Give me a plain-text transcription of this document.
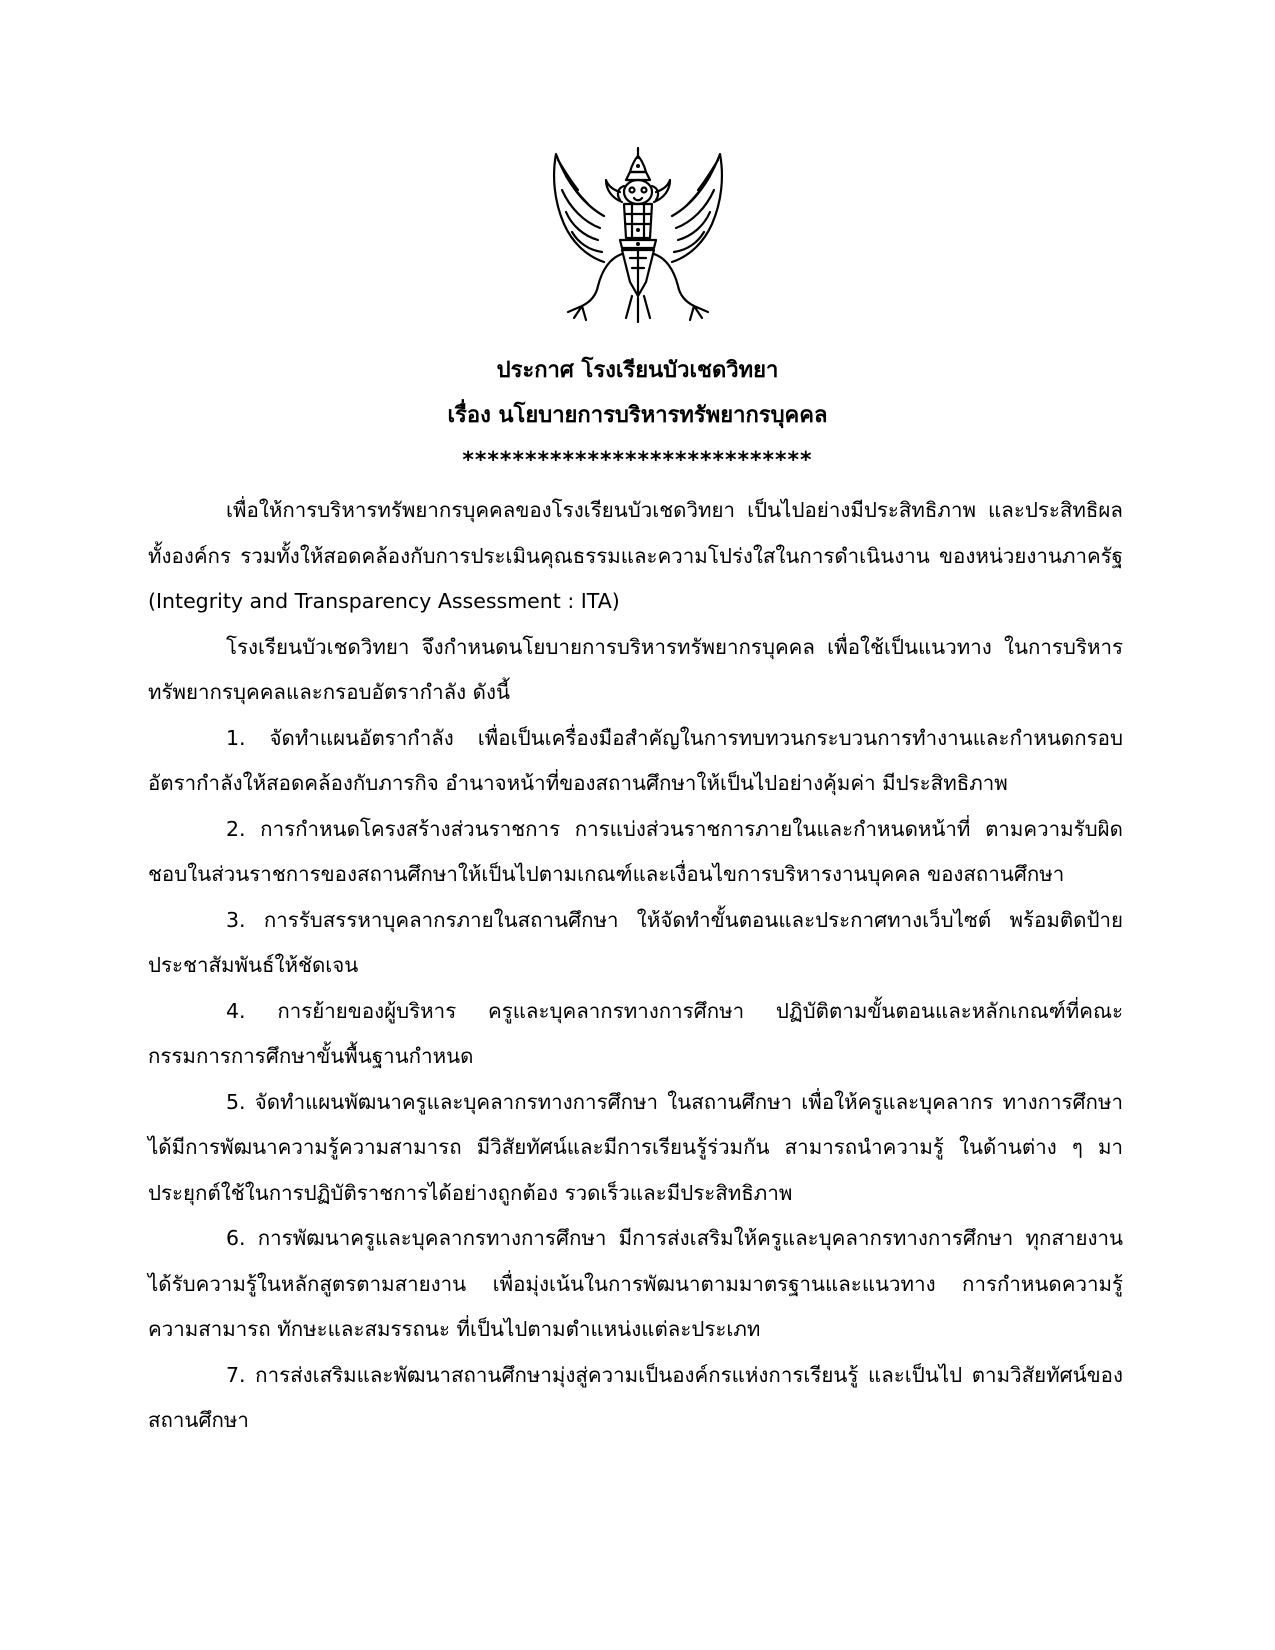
ประกาศ โรงเรียนบัวเชดวิทยา
เรื่อง นโยบายการบริหารทรัพยากรบุคคล
****************************

เพื่อให้การบริหารทรัพยากรบุคคลของโรงเรียนบัวเชดวิทยา เป็นไปอย่างมีประสิทธิภาพ และประสิทธิผลทั้งองค์กร รวมทั้งให้สอดคล้องกับการประเมินคุณธรรมและความโปร่งใสในการดำเนินงาน ของหน่วยงานภาครัฐ (Integrity and Transparency Assessment : ITA)

โรงเรียนบัวเชดวิทยา จึงกำหนดนโยบายการบริหารทรัพยากรบุคคล เพื่อใช้เป็นแนวทาง ในการบริหารทรัพยากรบุคคลและกรอบอัตรากำลัง ดังนี้

1. จัดทำแผนอัตรากำลัง เพื่อเป็นเครื่องมือสำคัญในการทบทวนกระบวนการทำงานและกำหนดกรอบอัตรากำลังให้สอดคล้องกับภารกิจ อำนาจหน้าที่ของสถานศึกษาให้เป็นไปอย่างคุ้มค่า มีประสิทธิภาพ

2. การกำหนดโครงสร้างส่วนราชการ การแบ่งส่วนราชการภายในและกำหนดหน้าที่ ตามความรับผิดชอบในส่วนราชการของสถานศึกษาให้เป็นไปตามเกณฑ์และเงื่อนไขการบริหารงานบุคคล ของสถานศึกษา

3. การรับสรรหาบุคลากรภายในสถานศึกษา ให้จัดทำขั้นตอนและประกาศทางเว็บไซต์ พร้อมติดป้ายประชาสัมพันธ์ให้ชัดเจน

4. การย้ายของผู้บริหาร ครูและบุคลากรทางการศึกษา ปฏิบัติตามขั้นตอนและหลักเกณฑ์ที่คณะกรรมการการศึกษาขั้นพื้นฐานกำหนด

5. จัดทำแผนพัฒนาครูและบุคลากรทางการศึกษา ในสถานศึกษา เพื่อให้ครูและบุคลากร ทางการศึกษาได้มีการพัฒนาความรู้ความสามารถ มีวิสัยทัศน์และมีการเรียนรู้ร่วมกัน สามารถนำความรู้ ในด้านต่าง ๆ มาประยุกต์ใช้ในการปฏิบัติราชการได้อย่างถูกต้อง รวดเร็วและมีประสิทธิภาพ

6. การพัฒนาครูและบุคลากรทางการศึกษา มีการส่งเสริมให้ครูและบุคลากรทางการศึกษา ทุกสายงานได้รับความรู้ในหลักสูตรตามสายงาน เพื่อมุ่งเน้นในการพัฒนาตามมาตรฐานและแนวทาง การกำหนดความรู้ความสามารถ ทักษะและสมรรถนะ ที่เป็นไปตามตำแหน่งแต่ละประเภท

7. การส่งเสริมและพัฒนาสถานศึกษามุ่งสู่ความเป็นองค์กรแห่งการเรียนรู้ และเป็นไป ตามวิสัยทัศน์ของสถานศึกษา
